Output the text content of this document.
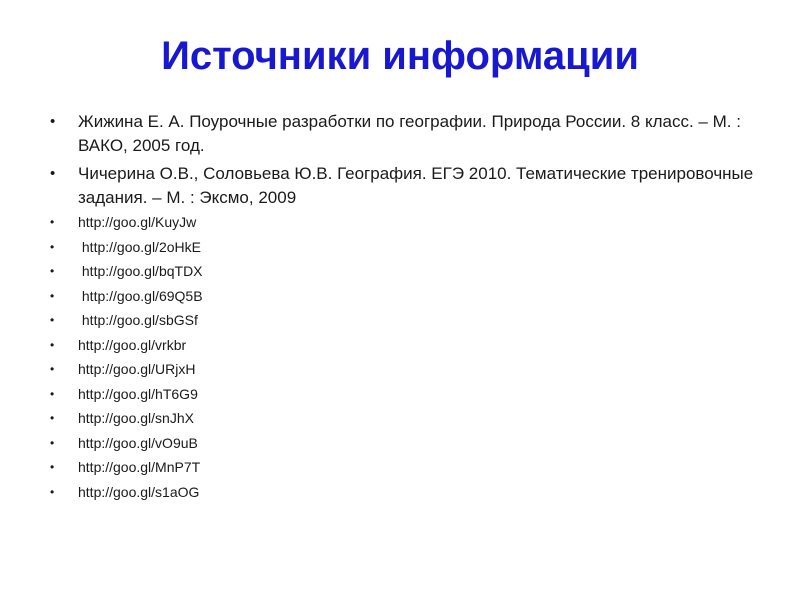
Источники информации
•	Жижина Е. А. Поурочные разработки по географии. Природа России. 8 класс. – М. : ВАКО, 2005 год.
•	Чичерина О.В., Соловьева Ю.В. География. ЕГЭ 2010. Тематические тренировочные задания. – М. : Эксмо, 2009
•	http://goo.gl/KuyJw
•	http://goo.gl/2oHkE
•	http://goo.gl/bqTDX
•	http://goo.gl/69Q5B
•	http://goo.gl/sbGSf
•	http://goo.gl/vrkbr
•	http://goo.gl/URjxH
•	http://goo.gl/hT6G9
•	http://goo.gl/snJhX
•	http://goo.gl/vO9uB
•	http://goo.gl/MnP7T
•	http://goo.gl/s1aOG
